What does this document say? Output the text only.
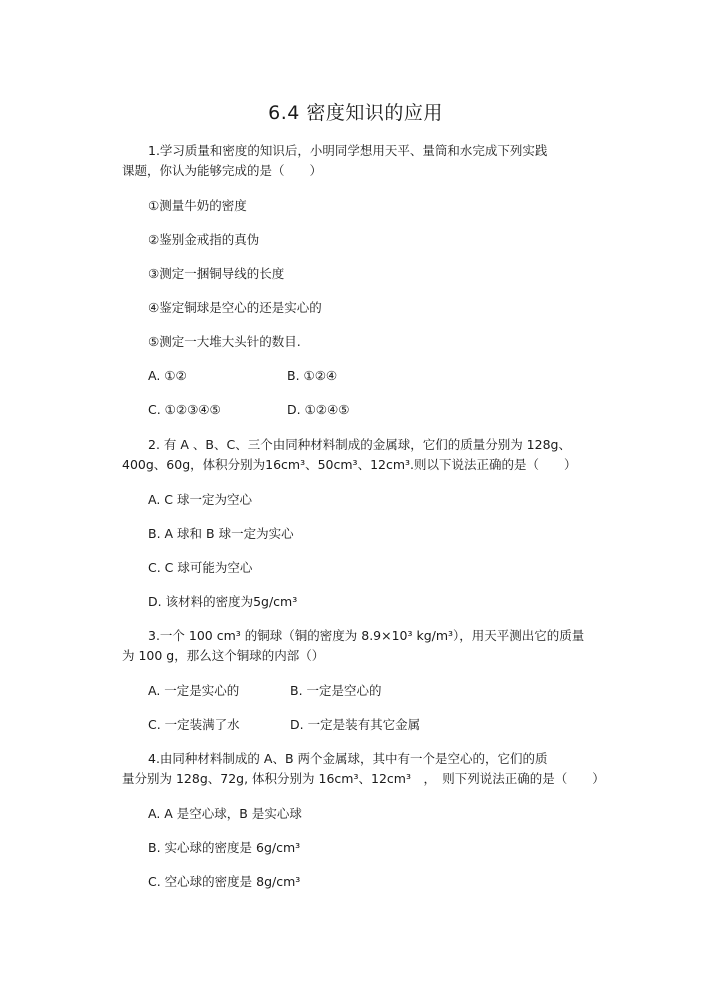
6.4 密度知识的应用
1.学习质量和密度的知识后，小明同学想用天平、量筒和水完成下列实践
课题，你认为能够完成的是（　　）
①测量牛奶的密度
②鉴别金戒指的真伪
③测定一捆铜导线的长度
④鉴定铜球是空心的还是实心的
⑤测定一大堆大头针的数目.
A. ①②	B. ①②④
C. ①②③④⑤	D. ①②④⑤
2. 有 A 、B、C、三个由同种材料制成的金属球，它们的质量分别为 128g、
400g、60g，体积分别为16cm³、50cm³、12cm³.则以下说法正确的是（　　）
A. C 球一定为空心
B. A 球和 B 球一定为实心
C. C 球可能为空心
D. 该材料的密度为5g/cm³
3.一个 100 cm³ 的铜球（铜的密度为 8.9×10³ kg/m³），用天平测出它的质量
为 100 g，那么这个铜球的内部（）
A. 一定是实心的	B. 一定是空心的
C. 一定装满了水	D. 一定是装有其它金属
4.由同种材料制成的 A、B 两个金属球，其中有一个是空心的，它们的质
量分别为 128g、72g, 体积分别为 16cm³、12cm³　，　则下列说法正确的是（　　）
A. A 是空心球，B 是实心球
B. 实心球的密度是 6g/cm³
C. 空心球的密度是 8g/cm³
